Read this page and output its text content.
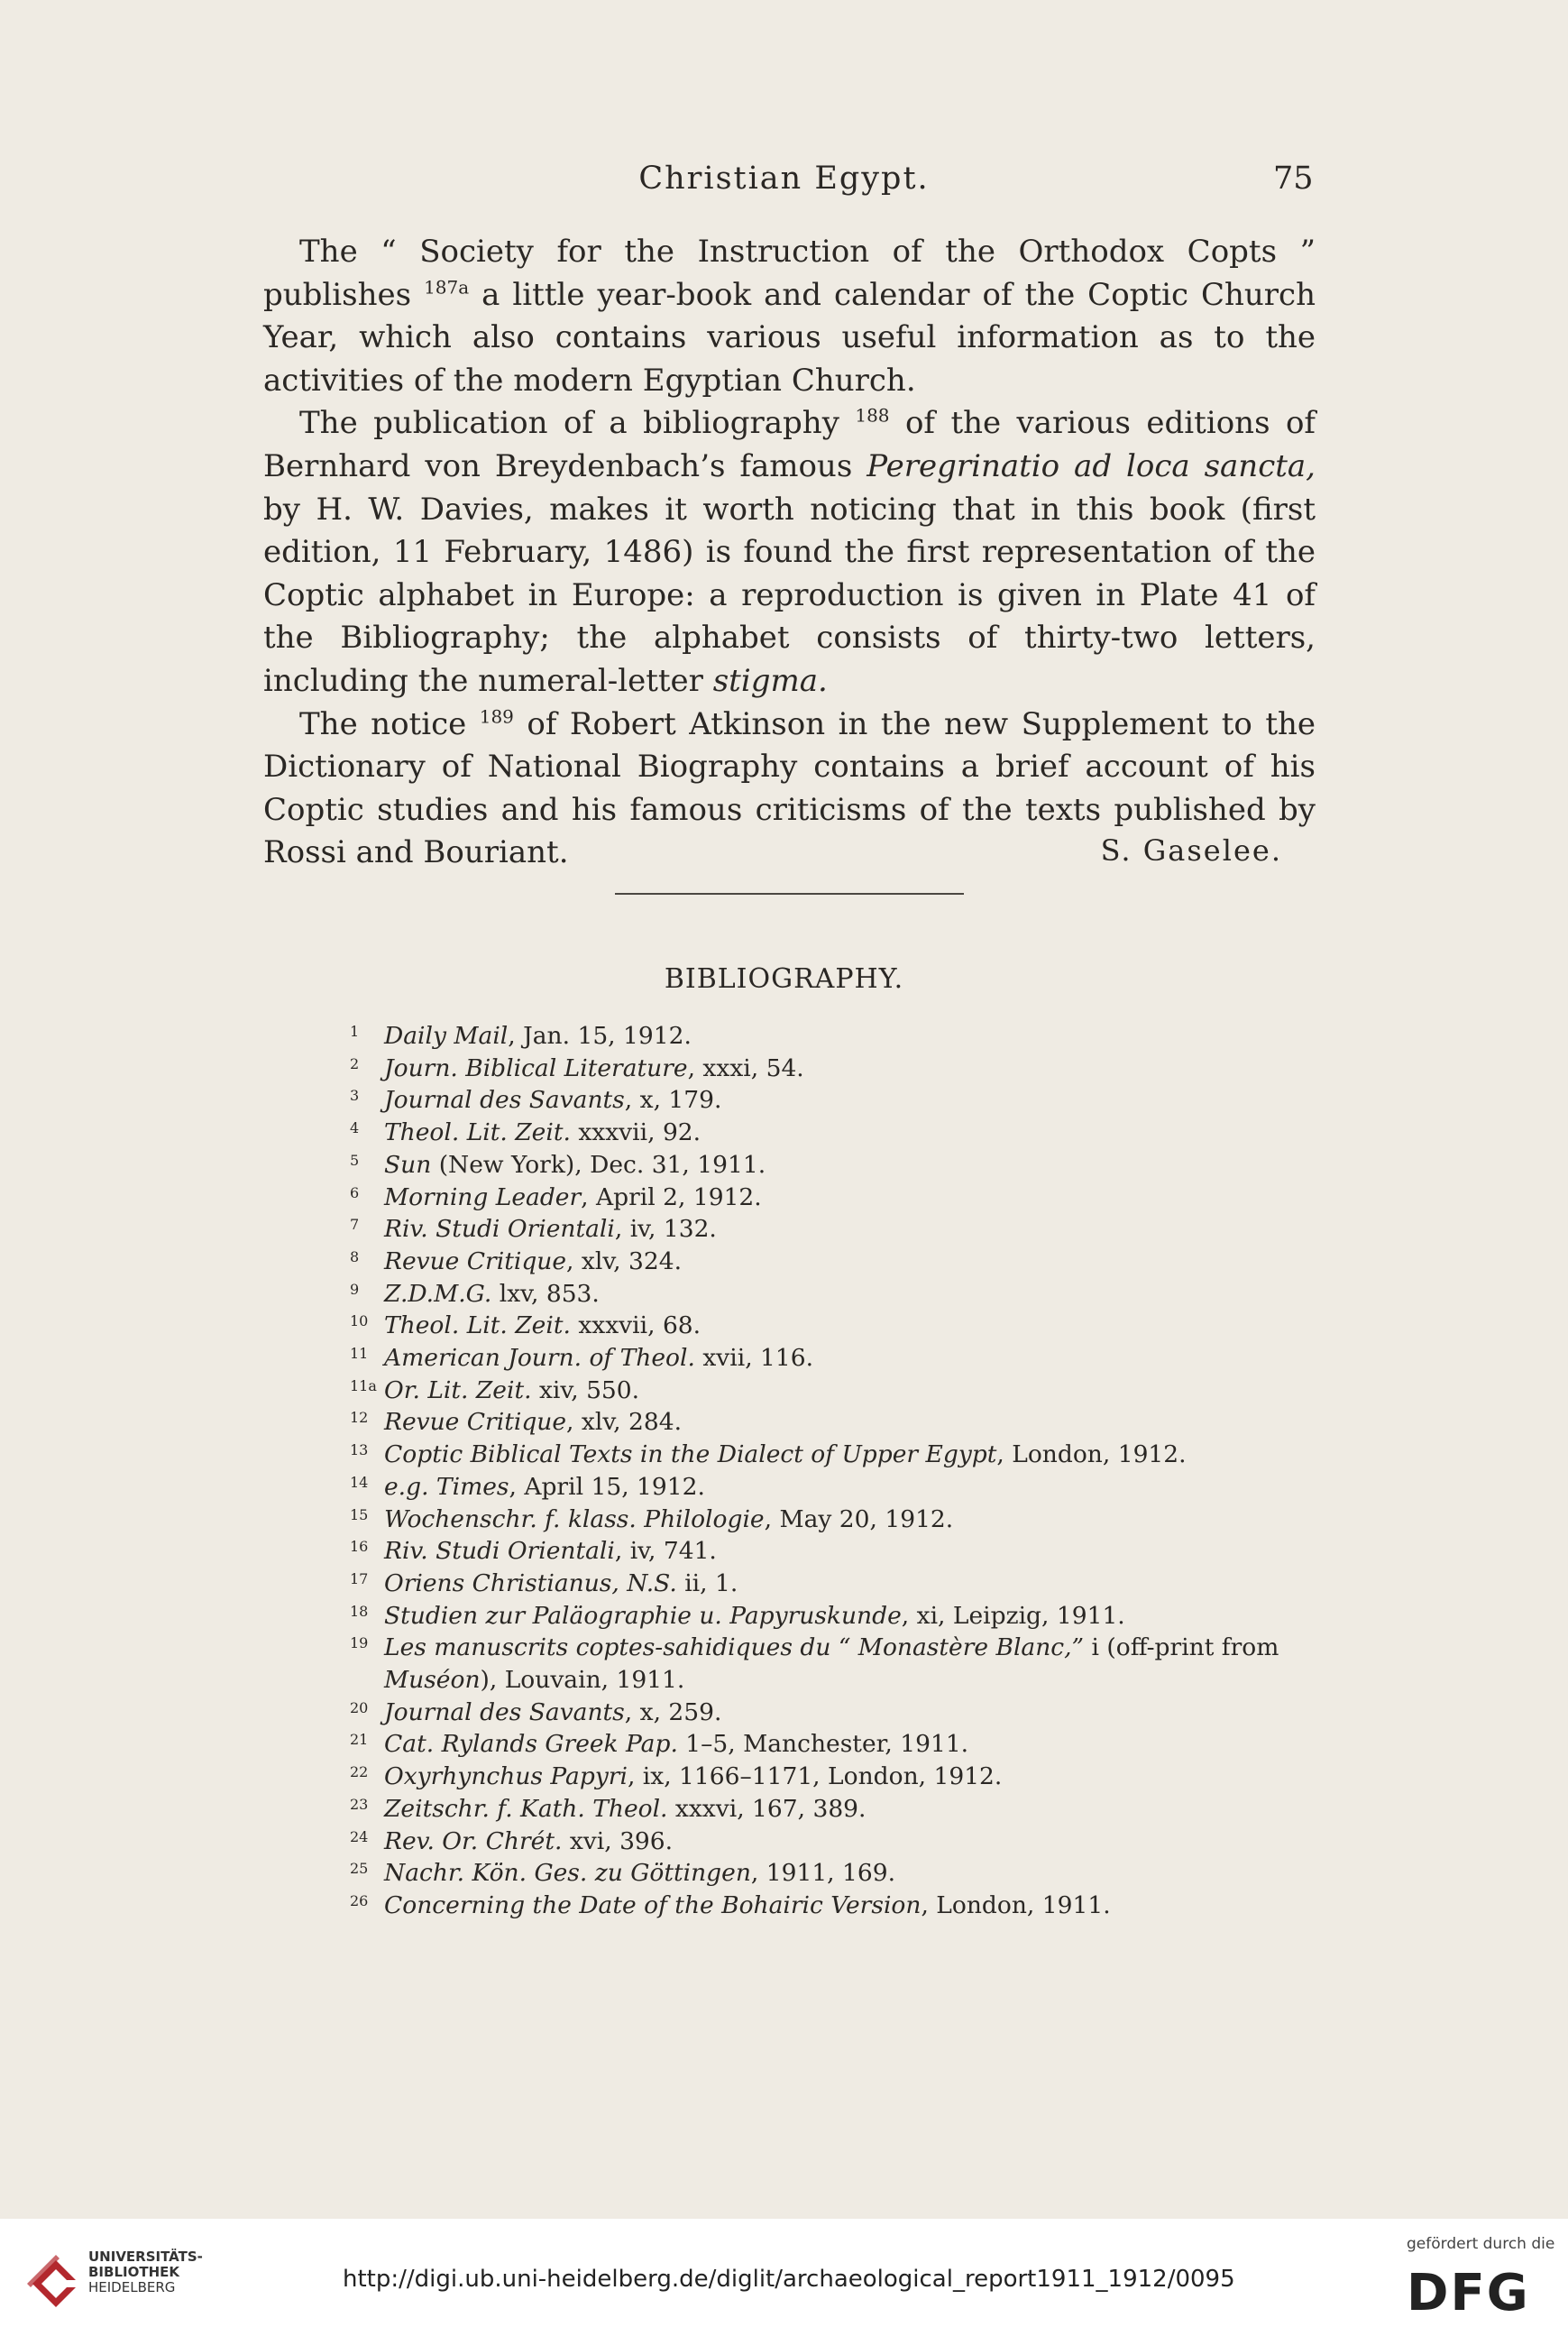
Christian Egypt.	75

The “ Society for the Instruction of the Orthodox Copts ” publishes $^{187a}$ a little year-book and calendar of the Coptic Church Year, which also contains various useful information as to the activities of the modern Egyptian Church.

The publication of a bibliography $^{188}$ of the various editions of Bernhard von Breydenbach’s famous Peregrinatio ad loca sancta, by H. W. Davies, makes it worth noticing that in this book (first edition, 11 February, 1486) is found the first representation of the Coptic alphabet in Europe: a reproduction is given in Plate 41 of the Bibliography; the alphabet consists of thirty-two letters, including the numeral-letter stigma.

The notice $^{189}$ of Robert Atkinson in the new Supplement to the Dictionary of National Biography contains a brief account of his Coptic studies and his famous criticisms of the texts published by Rossi and Bouriant.	S. Gaselee.
BIBLIOGRAPHY.
1 Daily Mail, Jan. 15, 1912.
2 Journ. Biblical Literature, xxxi, 54.
3 Journal des Savants, x, 179.
4 Theol. Lit. Zeit. xxxvii, 92.
5 Sun (New York), Dec. 31, 1911.
6 Morning Leader, April 2, 1912.
7 Riv. Studi Orientali, iv, 132.
8 Revue Critique, xlv, 324.
9 Z.D.M.G. lxv, 853.
10 Theol. Lit. Zeit. xxxvii, 68.
11 American Journ. of Theol. xvii, 116.
11a Or. Lit. Zeit. xiv, 550.
12 Revue Critique, xlv, 284.
13 Coptic Biblical Texts in the Dialect of Upper Egypt, London, 1912.
14 e.g. Times, April 15, 1912.
15 Wochenschr. f. klass. Philologie, May 20, 1912.
16 Riv. Studi Orientali, iv, 741.
17 Oriens Christianus, N.S. ii, 1.
18 Studien zur Paläographie u. Papyruskunde, xi, Leipzig, 1911.
19 Les manuscrits coptes-sahidiques du “ Monastère Blanc,” i (off-print from Muséon), Louvain, 1911.
20 Journal des Savants, x, 259.
21 Cat. Rylands Greek Pap. 1–5, Manchester, 1911.
22 Oxyrhynchus Papyri, ix, 1166–1171, London, 1912.
23 Zeitschr. f. Kath. Theol. xxxvi, 167, 389.
24 Rev. Or. Chrét. xvi, 396.
25 Nachr. Kön. Ges. zu Göttingen, 1911, 169.
26 Concerning the Date of the Bohairic Version, London, 1911.
UNIVERSITÄTS-
BIBLIOTHEK
HEIDELBERG	http://digi.ub.uni-heidelberg.de/diglit/archaeological_report1911_1912/0095
gefördert durch die
DFG
